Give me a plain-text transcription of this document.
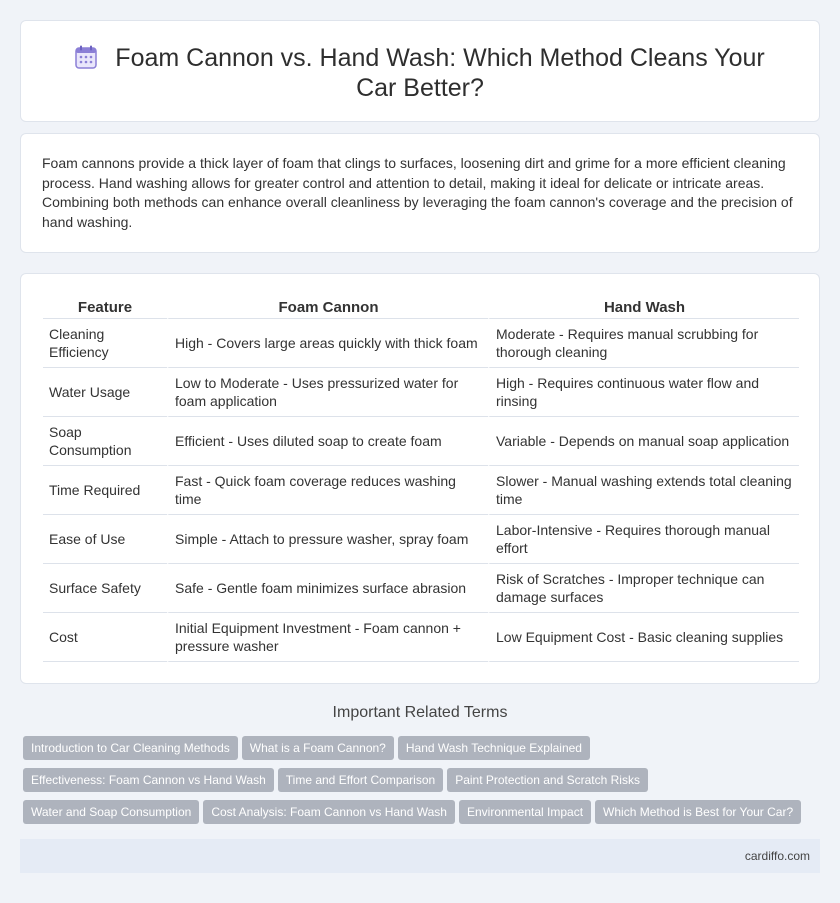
Foam Cannon vs. Hand Wash: Which Method Cleans Your Car Better?

Foam cannons provide a thick layer of foam that clings to surfaces, loosening dirt and grime for a more efficient cleaning process. Hand washing allows for greater control and attention to detail, making it ideal for delicate or intricate areas. Combining both methods can enhance overall cleanliness by leveraging the foam cannon's coverage and the precision of hand washing.

Feature	Foam Cannon	Hand Wash
Cleaning Efficiency	High - Covers large areas quickly with thick foam	Moderate - Requires manual scrubbing for thorough cleaning
Water Usage	Low to Moderate - Uses pressurized water for foam application	High - Requires continuous water flow and rinsing
Soap Consumption	Efficient - Uses diluted soap to create foam	Variable - Depends on manual soap application
Time Required	Fast - Quick foam coverage reduces washing time	Slower - Manual washing extends total cleaning time
Ease of Use	Simple - Attach to pressure washer, spray foam	Labor-Intensive - Requires thorough manual effort
Surface Safety	Safe - Gentle foam minimizes surface abrasion	Risk of Scratches - Improper technique can damage surfaces
Cost	Initial Equipment Investment - Foam cannon + pressure washer	Low Equipment Cost - Basic cleaning supplies
Important Related Terms
Introduction to Car Cleaning Methods What is a Foam Cannon? Hand Wash Technique Explained
Effectiveness: Foam Cannon vs Hand Wash Time and Effort Comparison Paint Protection and Scratch Risks
Water and Soap Consumption Cost Analysis: Foam Cannon vs Hand Wash Environmental Impact Which Method is Best for Your Car?
cardiffo.com
